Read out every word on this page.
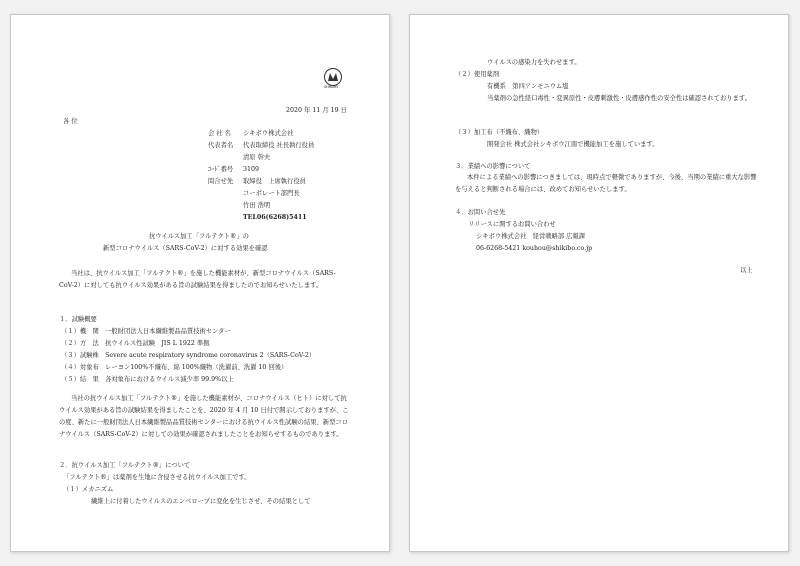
SHIKIBO
2020 年 11 月 19 日
各 位
会 社 名 シキボウ株式会社
代表者名 代表取締役 社長執行役員
清原 幹夫
ｺｰﾄﾞ番号 3109
問合せ先 取締役　上席執行役員
コーポレート部門長
竹田 浩明
TEL06(6268)5411
抗ウイルス加工「フルテクト®」の
新型コロナウイルス（SARS-CoV-2）に対する効果を確認
当社は、抗ウイルス加工「フルテクト®」を施した機能素材が、新型コロナウイルス（SARS-CoV-2）に対しても抗ウイルス効果がある旨の試験結果を得ましたのでお知らせいたします。
１．試験概要
（１）機　関　一般財団法人日本繊維製品品質技術センター
（２）方　法　抗ウイルス性試験　JIS L 1922 準拠
（３）試験株　Severe acute respiratory syndrome coronavirus 2（SARS-CoV-2）
（４）対象布　レーヨン100%不織布、綿 100%織物（洗濯前、洗濯 10 回後）
（５）結　果　各対象布におけるウイルス減少率 99.9%以上
当社の抗ウイルス加工「フルテクト®」を施した機能素材が、コロナウイルス（ヒト）に対して抗ウイルス効果がある旨の試験結果を得ましたことを、2020 年 4 月 10 日付で開示しておりますが、この度、新たに一般財団法人日本繊維製品品質技術センターにおける抗ウイルス性試験の結果、新型コロナウイルス（SARS-CoV-2）に対しての効果が確認されましたことをお知らせするものであります。
２．抗ウイルス加工「フルテクト®」について
「フルテクト®」は薬剤を生地に含侵させる抗ウイルス加工です。
（１）メカニズム
繊維上に付着したウイルスのエンベロープに変化を生じさせ、その結果として
ウイルスの感染力を失わせます。
（２）使用薬剤
有機系　第四アンモニウム塩
当薬剤の急性経口毒性・変異原性・皮膚刺激性・皮膚感作性の安全性は確認されております。
（３）加工布（不織布、織物）
開発会社 株式会社シキボウ江南で機能加工を施しています。
３．業績への影響について
本件による業績への影響につきましては、現時点で軽微でありますが、今後、当期の業績に重大な影響を与えると判断される場合には、改めてお知らせいたします。
４．お問い合せ先
リリースに関するお問い合わせ
シキボウ株式会社　経営戦略部 広報課
06-6268-5421 kouhou@shikibo.co.jp
以上
